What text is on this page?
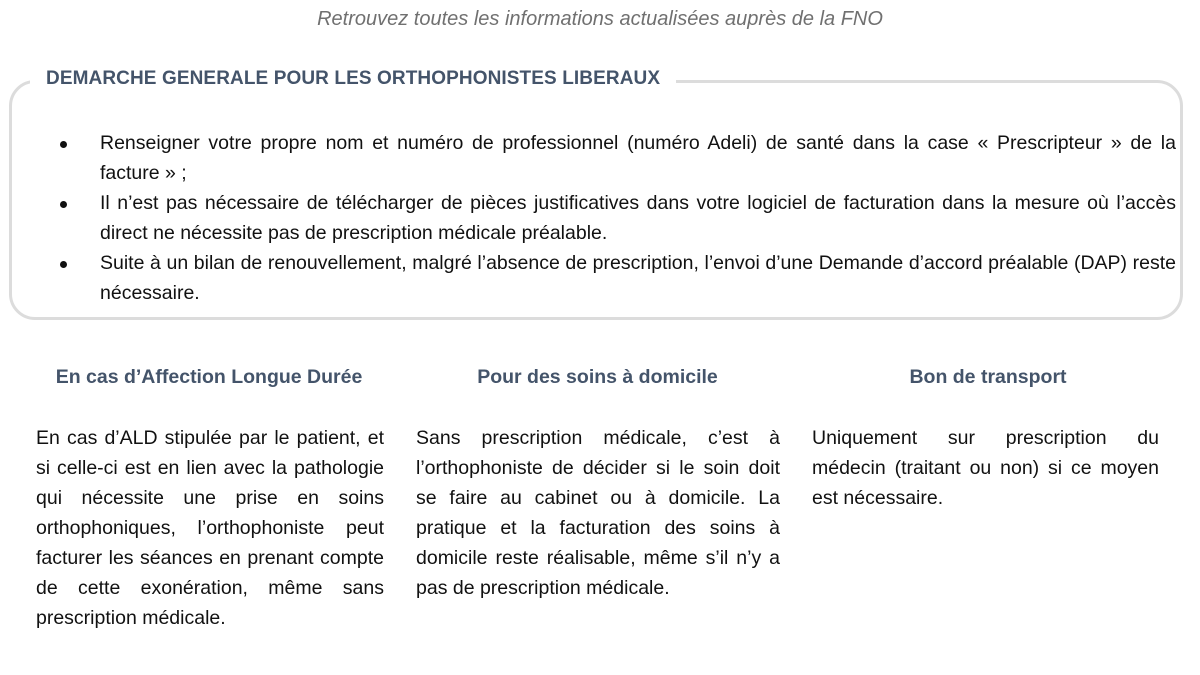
Retrouvez toutes les informations actualisées auprès de la FNO
DEMARCHE GENERALE POUR LES ORTHOPHONISTES LIBERAUX
Renseigner votre propre nom et numéro de professionnel (numéro Adeli) de santé dans la case « Prescripteur » de la facture » ;
Il n’est pas nécessaire de télécharger de pièces justificatives dans votre logiciel de facturation dans la mesure où l’accès direct ne nécessite pas de prescription médicale préalable.
Suite à un bilan de renouvellement, malgré l’absence de prescription, l’envoi d’une Demande d’accord préalable (DAP) reste nécessaire.
En cas d’Affection Longue Durée
En cas d’ALD stipulée par le patient, et si celle-ci est en lien avec la pathologie qui nécessite une prise en soins orthophoniques, l’orthophoniste peut facturer les séances en prenant compte de cette exonération, même sans prescription médicale.
Pour des soins à domicile
Sans prescription médicale, c’est à l’orthophoniste de décider si le soin doit se faire au cabinet ou à domicile. La pratique et la facturation des soins à domicile reste réalisable, même s’il n’y a pas de prescription médicale.
Bon de transport
Uniquement sur prescription du médecin (traitant ou non) si ce moyen est nécessaire.
